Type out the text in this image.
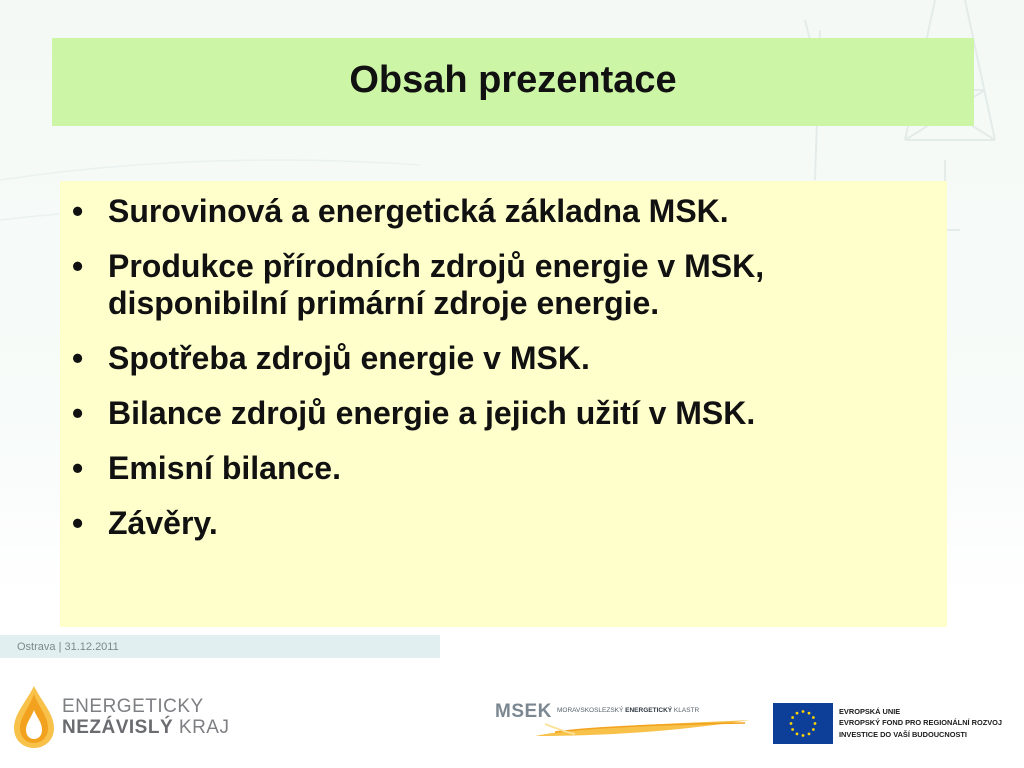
Obsah prezentace
• Surovinová a energetická základna MSK.
• Produkce přírodních zdrojů energie v MSK, disponibilní primární zdroje energie.
• Spotřeba zdrojů energie v MSK.
• Bilance zdrojů energie a jejich užití v MSK.
• Emisní bilance.
• Závěry.
Ostrava | 31.12.2011
ENERGETICKY
NEZÁVISLÝ KRAJ
MSEK MORAVSKOSLEZSKÝ ENERGETICKÝ KLASTR	EVROPSKÁ UNIE
EVROPSKÝ FOND PRO REGIONÁLNÍ ROZVOJ
INVESTICE DO VAŠÍ BUDOUCNOSTI
